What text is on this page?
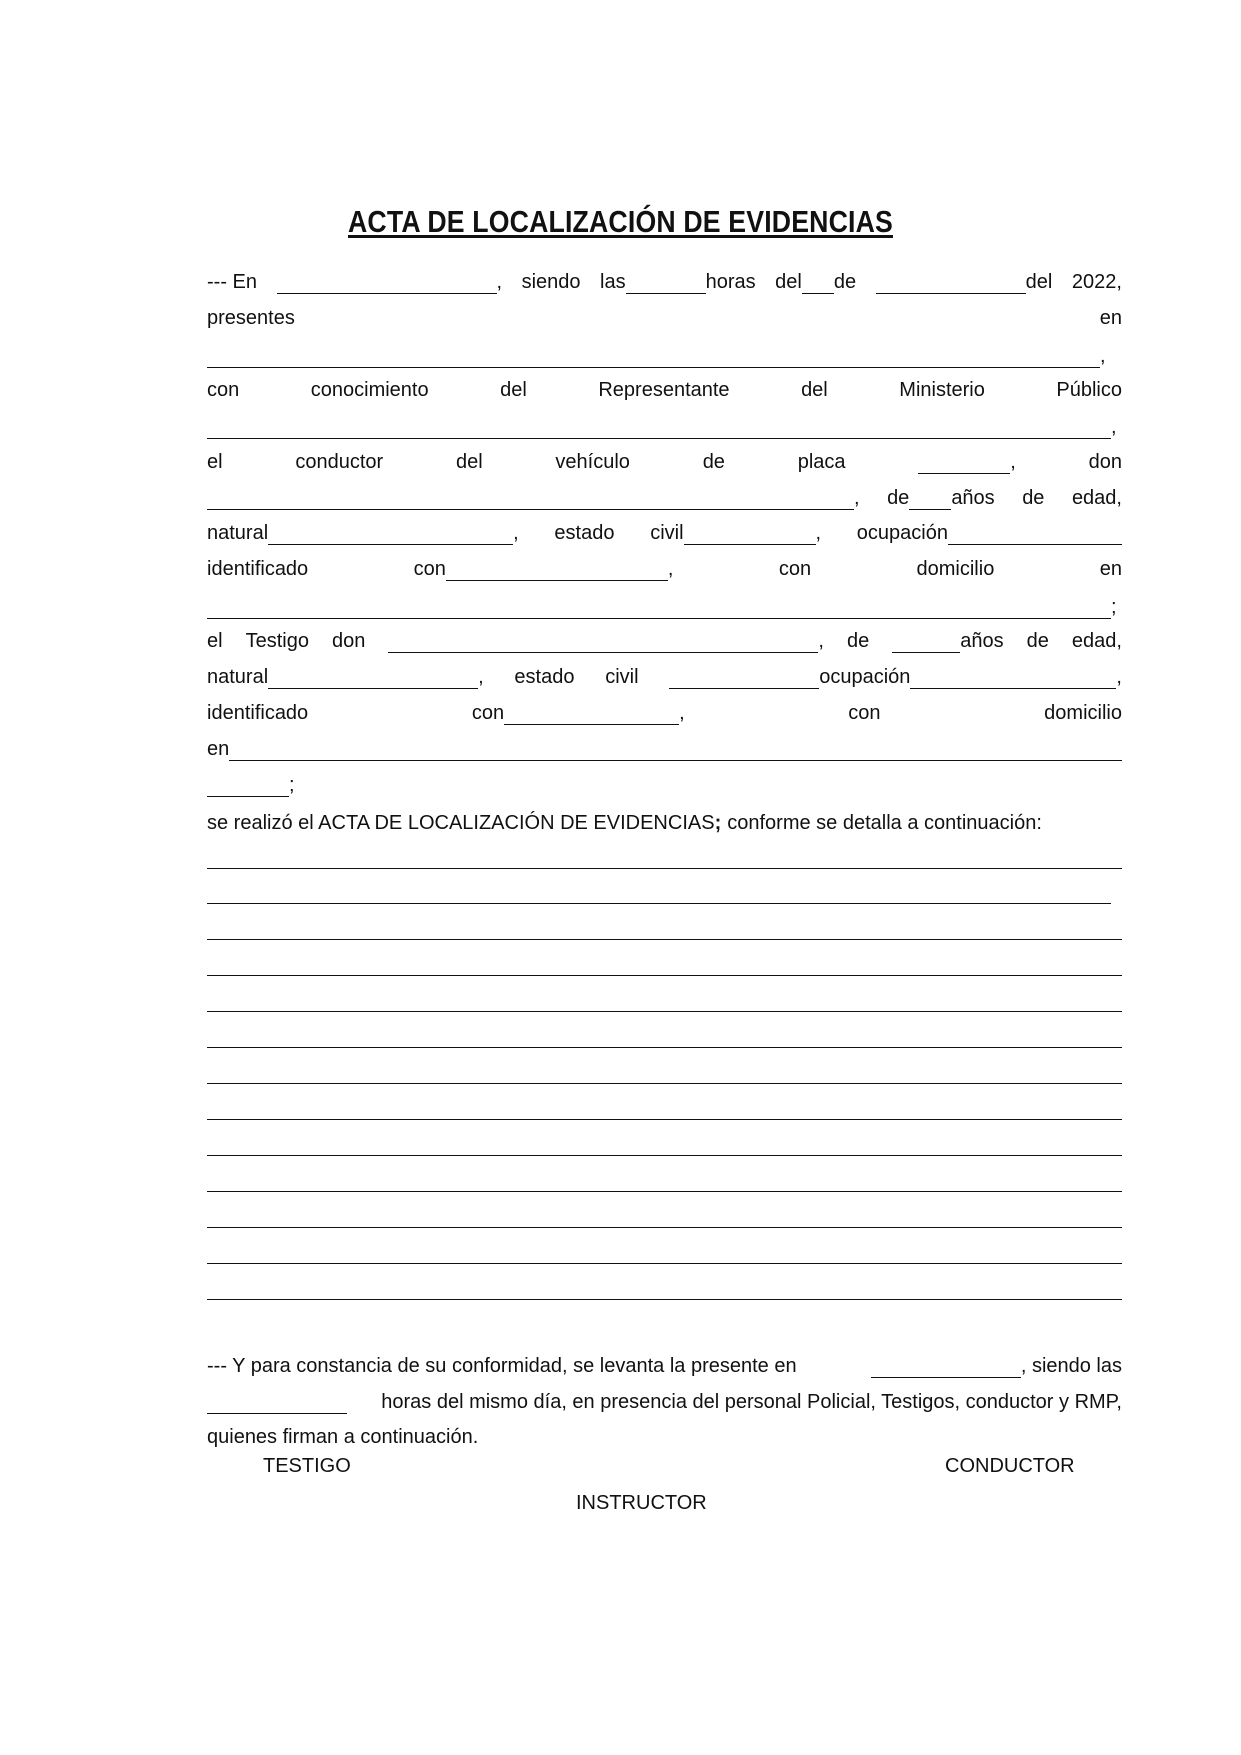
ACTA DE LOCALIZACIÓN DE EVIDENCIAS
--- En	, siendo las	horas del de	del 2022,
presentes	en
,
con	conocimiento	del	Representante	del	Ministerio	Público
,
el	conductor	del	vehículo	de	placa	,	don
, de años de edad,
natural	, estado civil	, ocupación
identificado	con	,	con	domicilio	en
;
el Testigo don	, de	años de edad,
natural	, estado civil	ocupación	,
identificado	con	,	con	domicilio
en
;
se realizó el ACTA DE LOCALIZACIÓN DE EVIDENCIAS ; conforme se detalla a continuación:
--- Y para constancia de su conformidad, se levanta la presente en	, siendo las
horas del mismo día, en presencia del personal Policial, Testigos, conductor y RMP,
quienes firman a continuación.
TESTIGO	CONDUCTOR
INSTRUCTOR
